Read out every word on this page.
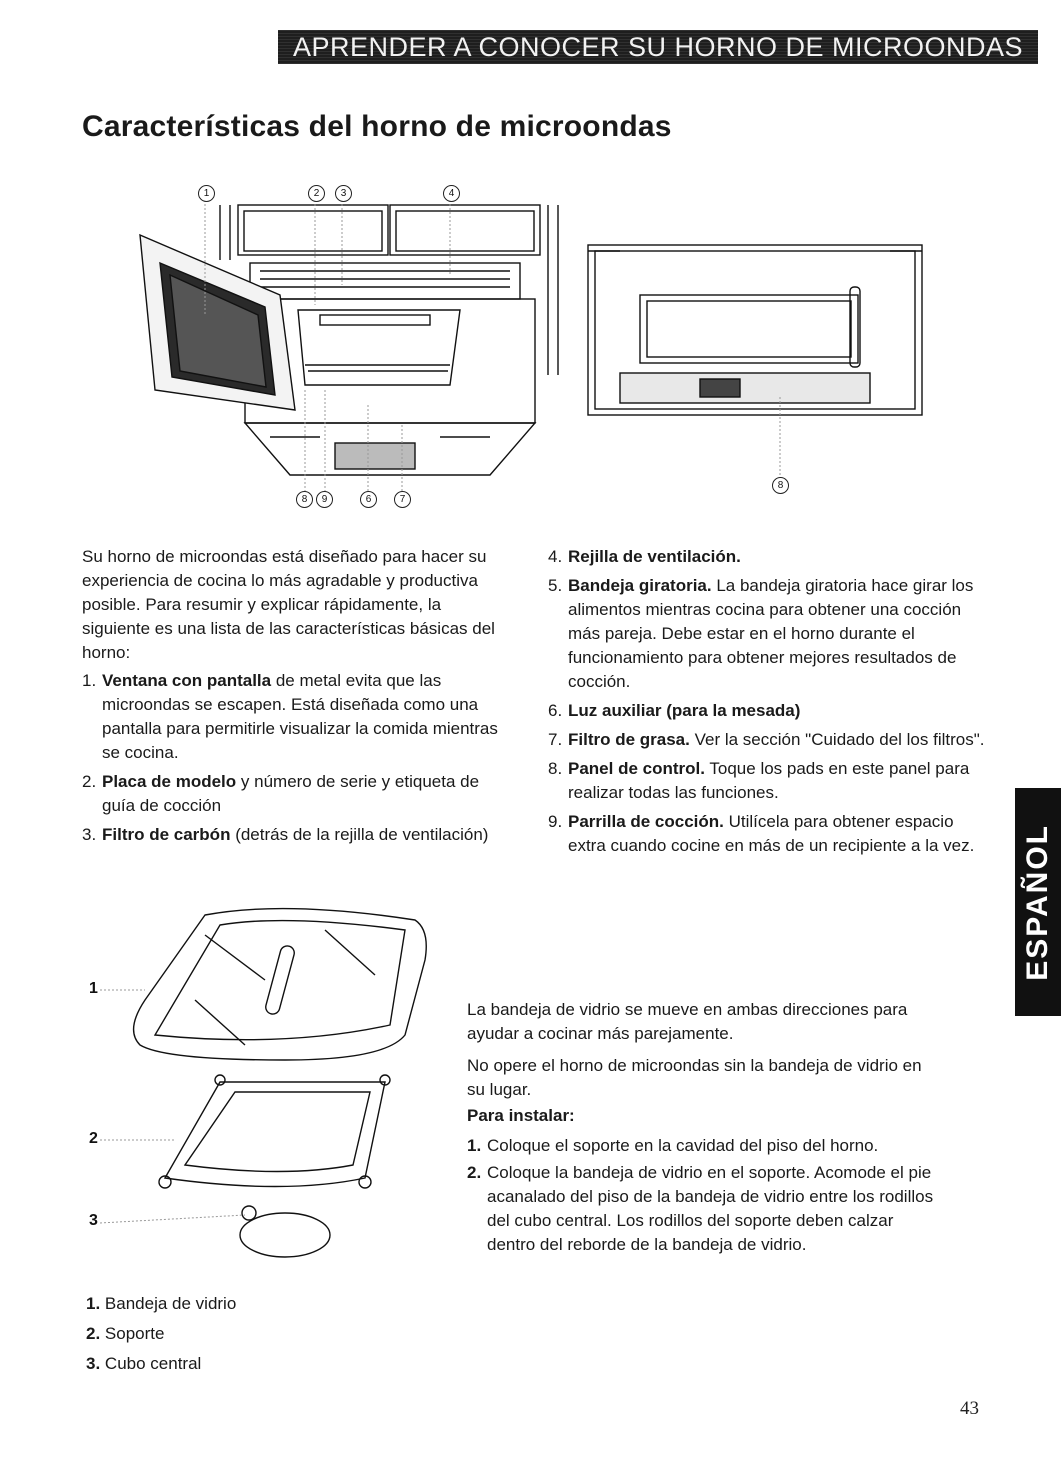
APRENDER A CONOCER SU HORNO DE MICROONDAS
Características del horno de microondas
1	2	3	4
8	9	6	7
8

Su horno de microondas está diseñado para hacer su experiencia de cocina lo más agradable y productiva posible. Para resumir y explicar rápidamente, la siguiente es una lista de las características básicas del horno:

1. Ventana con pantalla de metal evita que las microondas se escapen. Está diseñada como una pantalla para permitirle visualizar la comida mientras se cocina.
2. Placa de modelo y número de serie y etiqueta de guía de cocción
3. Filtro de carbón (detrás de la rejilla de ventilación)
4. Rejilla de ventilación.
5. Bandeja giratoria. La bandeja giratoria hace girar los alimentos mientras cocina para obtener una cocción más pareja. Debe estar en el horno durante el funcionamiento para obtener mejores resultados de cocción.
6. Luz auxiliar (para la mesada)
7. Filtro de grasa. Ver la sección "Cuidado del los filtros".
8. Panel de control. Toque los pads en este panel para realizar todas las funciones.
9. Parrilla de cocción. Utilícela para obtener espacio extra cuando cocine en más de un recipiente a la vez.
1
2
3

La bandeja de vidrio se mueve en ambas direcciones para ayudar a cocinar más parejamente.

No opere el horno de microondas sin la bandeja de vidrio en su lugar.

Para instalar:
1. Coloque el soporte en la cavidad del piso del horno.
2. Coloque la bandeja de vidrio en el soporte. Acomode el pie acanalado del piso de la bandeja de vidrio entre los rodillos del cubo central. Los rodillos del soporte deben calzar dentro del reborde de la bandeja de vidrio.
1. Bandeja de vidrio
2. Soporte
3. Cubo central
ESPAÑOL
43
